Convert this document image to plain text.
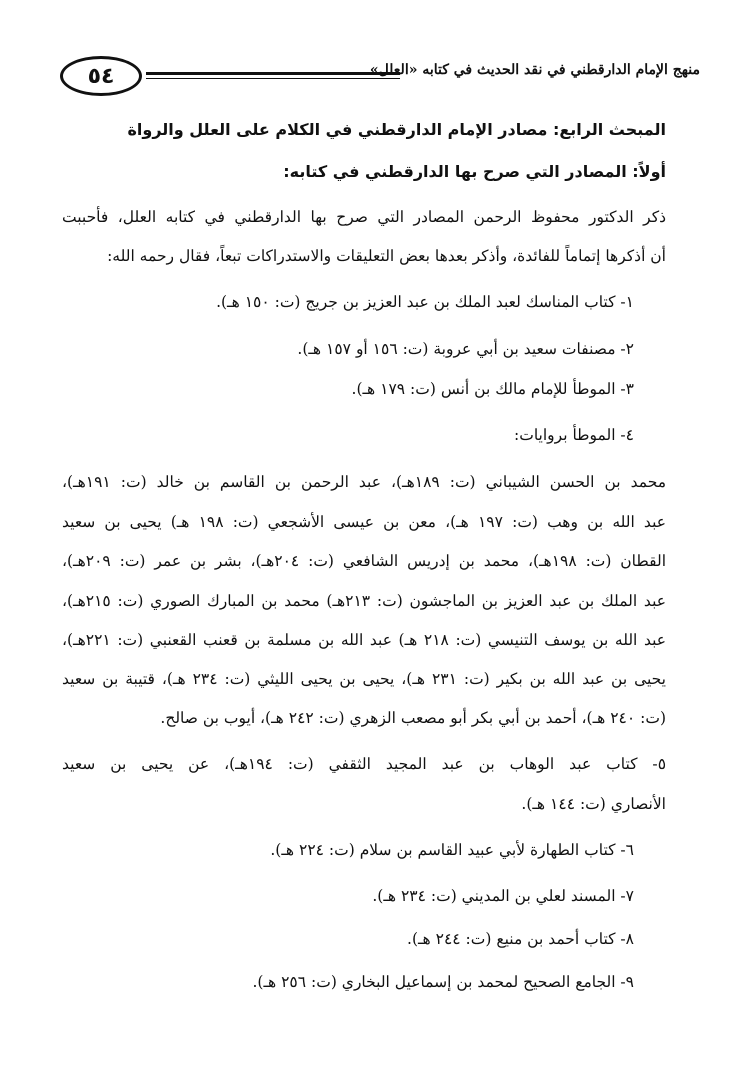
٥٤	منهج الإمام الدارقطني في نقد الحديث في كتابه «العلل»
المبحث الرابع: مصادر الإمام الدارقطني في الكلام على العلل والرواة
أولاً: المصادر التي صرح بها الدارقطني في كتابه:
ذكر الدكتور محفوظ الرحمن المصادر التي صرح بها الدارقطني في كتابه العلل، فأحببت
أن أذكرها إتماماً للفائدة، وأذكر بعدها بعض التعليقات والاستدراكات تبعاً، فقال رحمه الله:
١- كتاب المناسك لعبد الملك بن عبد العزيز بن جريج (ت: ١٥٠ هـ).
٢- مصنفات سعيد بن أبي عروبة (ت: ١٥٦ أو ١٥٧ هـ).
٣- الموطأ للإمام مالك بن أنس (ت: ١٧٩ هـ).
٤- الموطأ بروايات:
محمد بن الحسن الشيباني (ت: ١٨٩هـ)، عبد الرحمن بن القاسم بن خالد (ت: ١٩١هـ)،
عبد الله بن وهب (ت: ١٩٧ هـ)، معن بن عيسى الأشجعي (ت: ١٩٨ هـ) يحيى بن سعيد
القطان (ت: ١٩٨هـ)، محمد بن إدريس الشافعي (ت: ٢٠٤هـ)، بشر بن عمر (ت: ٢٠٩هـ)،
عبد الملك بن عبد العزيز بن الماجشون (ت: ٢١٣هـ) محمد بن المبارك الصوري (ت: ٢١٥هـ)،
عبد الله بن يوسف التنيسي (ت: ٢١٨ هـ) عبد الله بن مسلمة بن قعنب القعنبي (ت: ٢٢١هـ)،
يحيى بن عبد الله بن بكير (ت: ٢٣١ هـ)، يحيى بن يحيى الليثي (ت: ٢٣٤ هـ)، قتيبة بن سعيد
(ت: ٢٤٠ هـ)، أحمد بن أبي بكر أبو مصعب الزهري (ت: ٢٤٢ هـ)، أيوب بن صالح.
٥- كتاب عبد الوهاب بن عبد المجيد الثقفي (ت: ١٩٤هـ)، عن يحيى بن سعيد
الأنصاري (ت: ١٤٤ هـ).
٦- كتاب الطهارة لأبي عبيد القاسم بن سلام (ت: ٢٢٤ هـ).
٧- المسند لعلي بن المديني (ت: ٢٣٤ هـ).
٨- كتاب أحمد بن منيع (ت: ٢٤٤ هـ).
٩- الجامع الصحيح لمحمد بن إسماعيل البخاري (ت: ٢٥٦ هـ).
